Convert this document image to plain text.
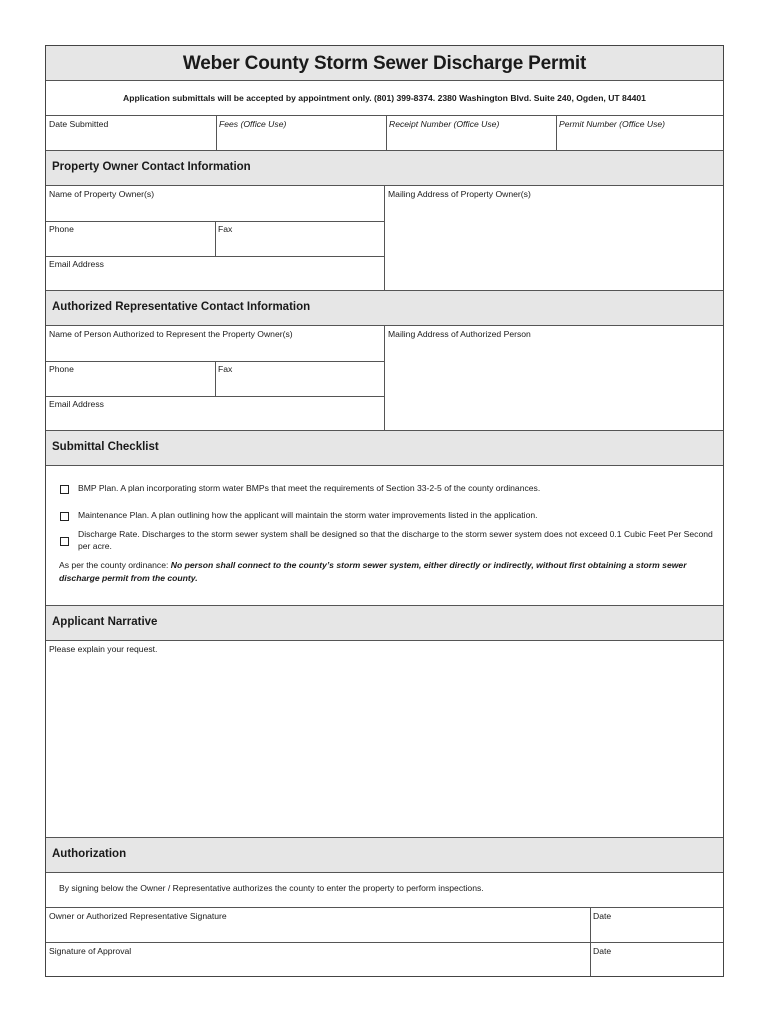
Weber County Storm Sewer Discharge Permit
Application submittals will be accepted by appointment only. (801) 399-8374. 2380 Washington Blvd. Suite 240, Ogden, UT 84401
Date Submitted	Fees (Office Use)	Receipt Number (Office Use)	Permit Number (Office Use)
Property Owner Contact Information
Name of Property Owner(s)	Mailing Address of Property Owner(s)
Phone	Fax
Email Address
Authorized Representative Contact Information
Name of Person Authorized to Represent the Property Owner(s)	Mailing Address of Authorized Person
Phone	Fax
Email Address
Submittal Checklist
BMP Plan. A plan incorporating storm water BMPs that meet the requirements of Section 33-2-5 of the county ordinances.
Maintenance Plan. A plan outlining how the applicant will maintain the storm water improvements listed in the application.
Discharge Rate. Discharges to the storm sewer system shall be designed so that the discharge to the storm sewer system does not exceed 0.1 Cubic Feet Per Second per acre.
As per the county ordinance: No person shall connect to the county’s storm sewer system, either directly or indirectly, without first obtaining a storm sewer discharge permit from the county.
Applicant Narrative
Please explain your request.
Authorization
By signing below the Owner / Representative authorizes the county to enter the property to perform inspections.
Owner or Authorized Representative Signature	Date
Signature of Approval	Date
